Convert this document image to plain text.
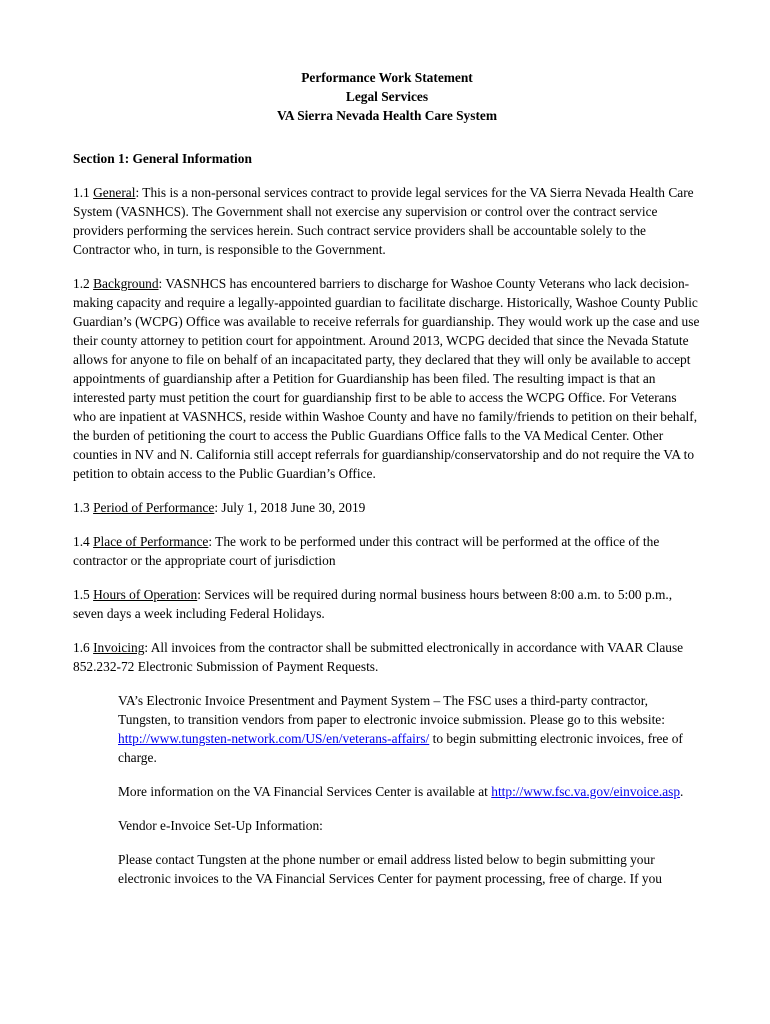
Performance Work Statement
Legal Services
VA Sierra Nevada Health Care System
Section 1: General Information

1.1 General: This is a non-personal services contract to provide legal services for the VA Sierra Nevada Health Care System (VASNHCS). The Government shall not exercise any supervision or control over the contract service providers performing the services herein. Such contract service providers shall be accountable solely to the Contractor who, in turn, is responsible to the Government.

1.2 Background: VASNHCS has encountered barriers to discharge for Washoe County Veterans who lack decision-making capacity and require a legally-appointed guardian to facilitate discharge. Historically, Washoe County Public Guardian’s (WCPG) Office was available to receive referrals for guardianship. They would work up the case and use their county attorney to petition court for appointment. Around 2013, WCPG decided that since the Nevada Statute allows for anyone to file on behalf of an incapacitated party, they declared that they will only be available to accept appointments of guardianship after a Petition for Guardianship has been filed. The resulting impact is that an interested party must petition the court for guardianship first to be able to access the WCPG Office. For Veterans who are inpatient at VASNHCS, reside within Washoe County and have no family/friends to petition on their behalf, the burden of petitioning the court to access the Public Guardians Office falls to the VA Medical Center. Other counties in NV and N. California still accept referrals for guardianship/conservatorship and do not require the VA to petition to obtain access to the Public Guardian’s Office.

1.3 Period of Performance: July 1, 2018 June 30, 2019

1.4 Place of Performance: The work to be performed under this contract will be performed at the office of the contractor or the appropriate court of jurisdiction

1.5 Hours of Operation: Services will be required during normal business hours between 8:00 a.m. to 5:00 p.m., seven days a week including Federal Holidays.

1.6 Invoicing: All invoices from the contractor shall be submitted electronically in accordance with VAAR Clause 852.232-72 Electronic Submission of Payment Requests.

VA’s Electronic Invoice Presentment and Payment System – The FSC uses a third-party contractor, Tungsten, to transition vendors from paper to electronic invoice submission. Please go to this website: http://www.tungsten-network.com/US/en/veterans-affairs/ to begin submitting electronic invoices, free of charge.

More information on the VA Financial Services Center is available at http://www.fsc.va.gov/einvoice.asp.

Vendor e-Invoice Set-Up Information:

Please contact Tungsten at the phone number or email address listed below to begin submitting your electronic invoices to the VA Financial Services Center for payment processing, free of charge. If you
